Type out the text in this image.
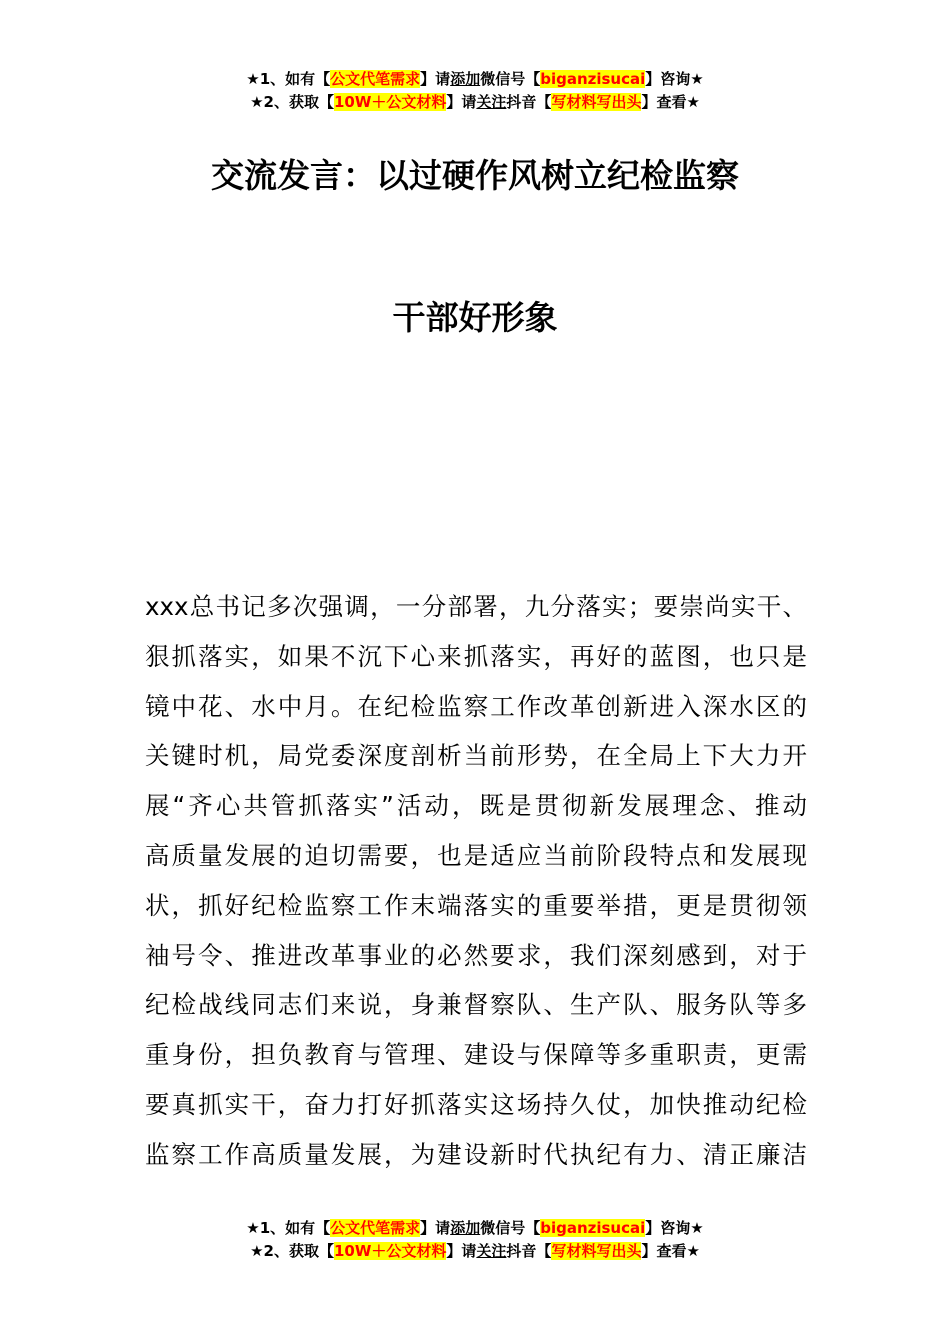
★1、如有【公文代笔需求】请添加微信号【biganzisucai】咨询★
★2、获取【10W＋公文材料】请关注抖音【写材料写出头】查看★
交流发言：以过硬作风树立纪检监察
干部好形象
xxx总书记多次强调，一分部署，九分落实；要崇尚实干、
狠抓落实，如果不沉下心来抓落实，再好的蓝图，也只是
镜中花、水中月。在纪检监察工作改革创新进入深水区的
关键时机，局党委深度剖析当前形势，在全局上下大力开
展“齐心共管抓落实”活动，既是贯彻新发展理念、推动
高质量发展的迫切需要，也是适应当前阶段特点和发展现
状，抓好纪检监察工作末端落实的重要举措，更是贯彻领
袖号令、推进改革事业的必然要求，我们深刻感到，对于
纪检战线同志们来说，身兼督察队、生产队、服务队等多
重身份，担负教育与管理、建设与保障等多重职责，更需
要真抓实干，奋力打好抓落实这场持久仗，加快推动纪检
监察工作高质量发展，为建设新时代执纪有力、清正廉洁
★1、如有【公文代笔需求】请添加微信号【biganzisucai】咨询★
★2、获取【10W＋公文材料】请关注抖音【写材料写出头】查看★
